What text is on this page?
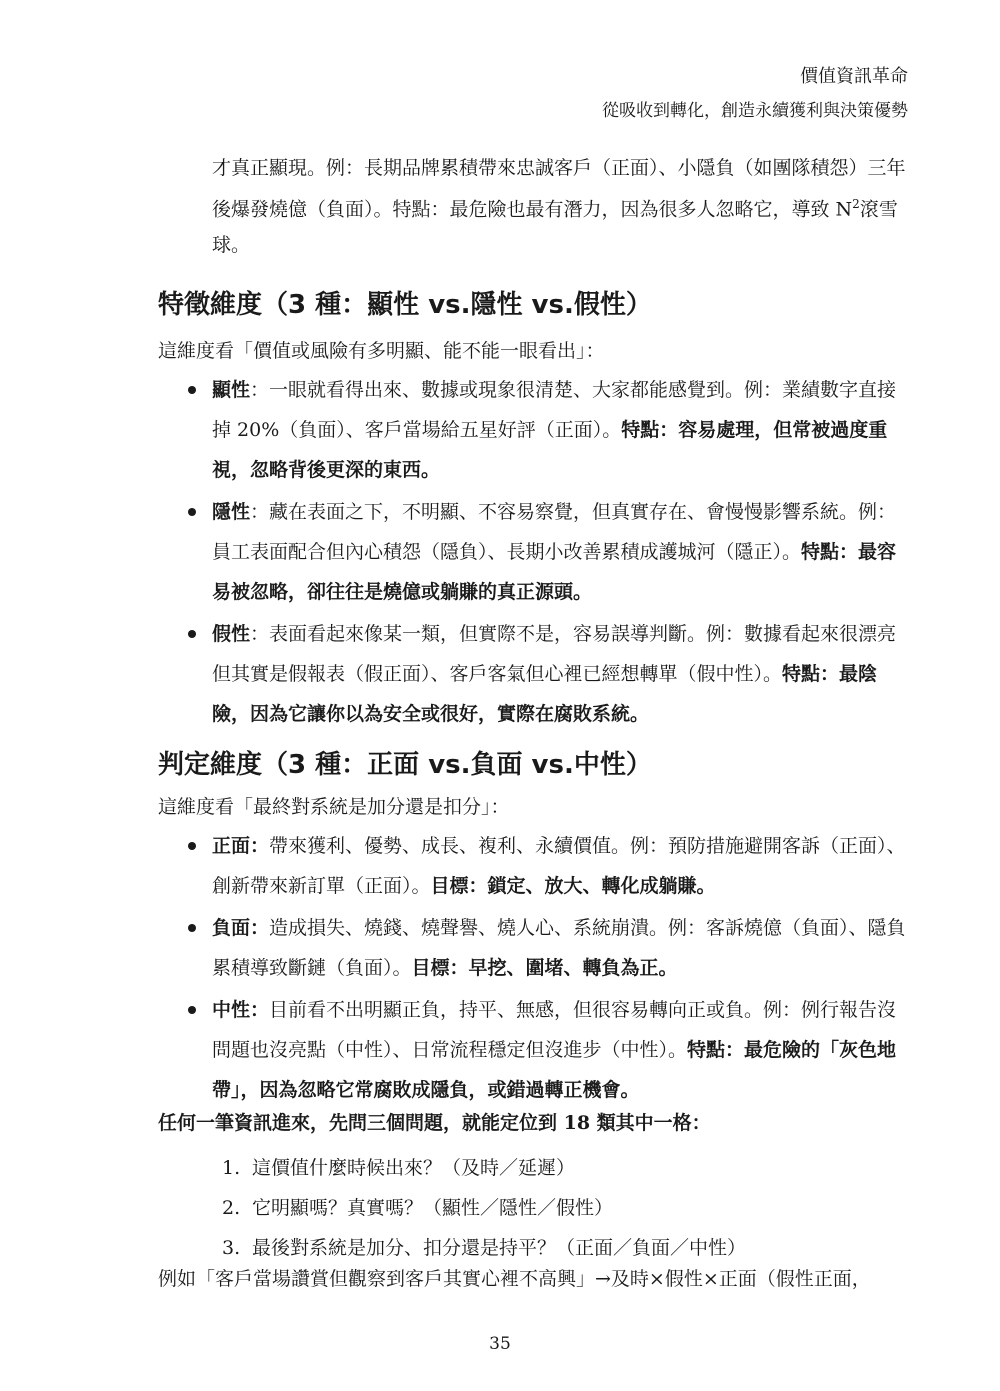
價值資訊革命
從吸收到轉化，創造永續獲利與決策優勢
才真正顯現。例：長期品牌累積帶來忠誠客戶（正面）、小隱負（如團隊積怨）三年後爆發燒億（負面）。特點：最危險也最有潛力，因為很多人忽略它，導致 $N^2$滾雪球。
特徵維度（3 種：顯性 vs.隱性 vs.假性）
這維度看「價值或風險有多明顯、能不能一眼看出」：
顯性：一眼就看得出來、數據或現象很清楚、大家都能感覺到。例：業績數字直接掉 20%（負面）、客戶當場給五星好評（正面）。特點：容易處理，但常被過度重視，忽略背後更深的東西。
隱性：藏在表面之下，不明顯、不容易察覺，但真實存在、會慢慢影響系統。例：員工表面配合但內心積怨（隱負）、長期小改善累積成護城河（隱正）。特點：最容易被忽略，卻往往是燒億或躺賺的真正源頭。
假性：表面看起來像某一類，但實際不是，容易誤導判斷。例：數據看起來很漂亮但其實是假報表（假正面）、客戶客氣但心裡已經想轉單（假中性）。特點：最陰險，因為它讓你以為安全或很好，實際在腐敗系統。
判定維度（3 種：正面 vs.負面 vs.中性）
這維度看「最終對系統是加分還是扣分」：
正面：帶來獲利、優勢、成長、複利、永續價值。例：預防措施避開客訴（正面）、創新帶來新訂單（正面）。目標：鎖定、放大、轉化成躺賺。
負面：造成損失、燒錢、燒聲譽、燒人心、系統崩潰。例：客訴燒億（負面）、隱負累積導致斷鏈（負面）。目標：早挖、圍堵、轉負為正。
中性：目前看不出明顯正負，持平、無感，但很容易轉向正或負。例：例行報告沒問題也沒亮點（中性）、日常流程穩定但沒進步（中性）。特點：最危險的「灰色地帶」，因為忽略它常腐敗成隱負，或錯過轉正機會。
任何一筆資訊進來，先問三個問題，就能定位到 18 類其中一格：
1. 這價值什麼時候出來？（及時／延遲）
2. 它明顯嗎？真實嗎？（顯性／隱性／假性）
3. 最後對系統是加分、扣分還是持平？（正面／負面／中性）
例如「客戶當場讚賞但觀察到客戶其實心裡不高興」→及時×假性×正面（假性正面，
35
